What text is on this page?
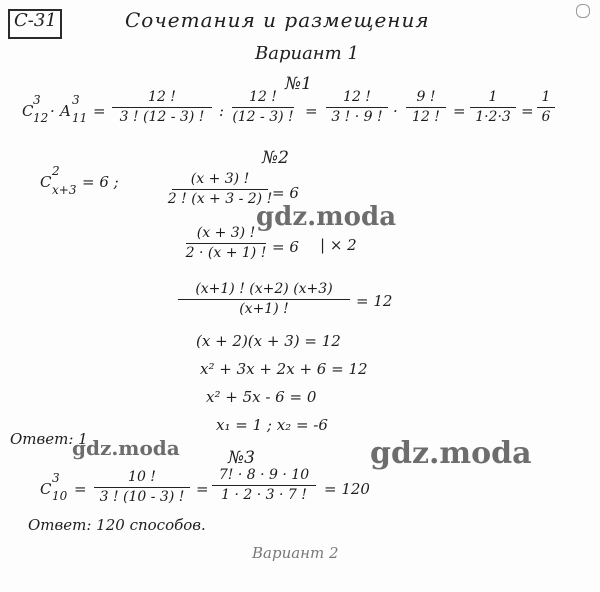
C-31	Сочетания и размещения
Вариант 1
№1
C
3
12 · A
3
11 =
12 !
3 ! (12 - 3) ! :
12 !
(12 - 3) ! =
12 !
3 ! · 9 ! ·
9 !
12 ! =
1
1·2·3 =
1
6
№2
C
2
x+3 = 6 ;	(x + 3) !
2 ! (x + 3 - 2) ! = 6
(x + 3) !
2 · (x + 1) ! = 6 | × 2
(x+1) ! (x+2) (x+3)
(x+1) !	= 12
(x + 2)(x + 3) = 12
x² + 3x + 2x + 6 = 12
x² + 5x - 6 = 0
x₁ = 1 ; x₂ = -6
Ответ: 1
№3
C
3
10 =
10 !
3 ! (10 - 3) ! =
7! · 8 · 9 · 10
1 · 2 · 3 · 7 ! = 120
Ответ: 120 способов.
Вариант 2
gdz.moda
gdz.moda	gdz.moda
